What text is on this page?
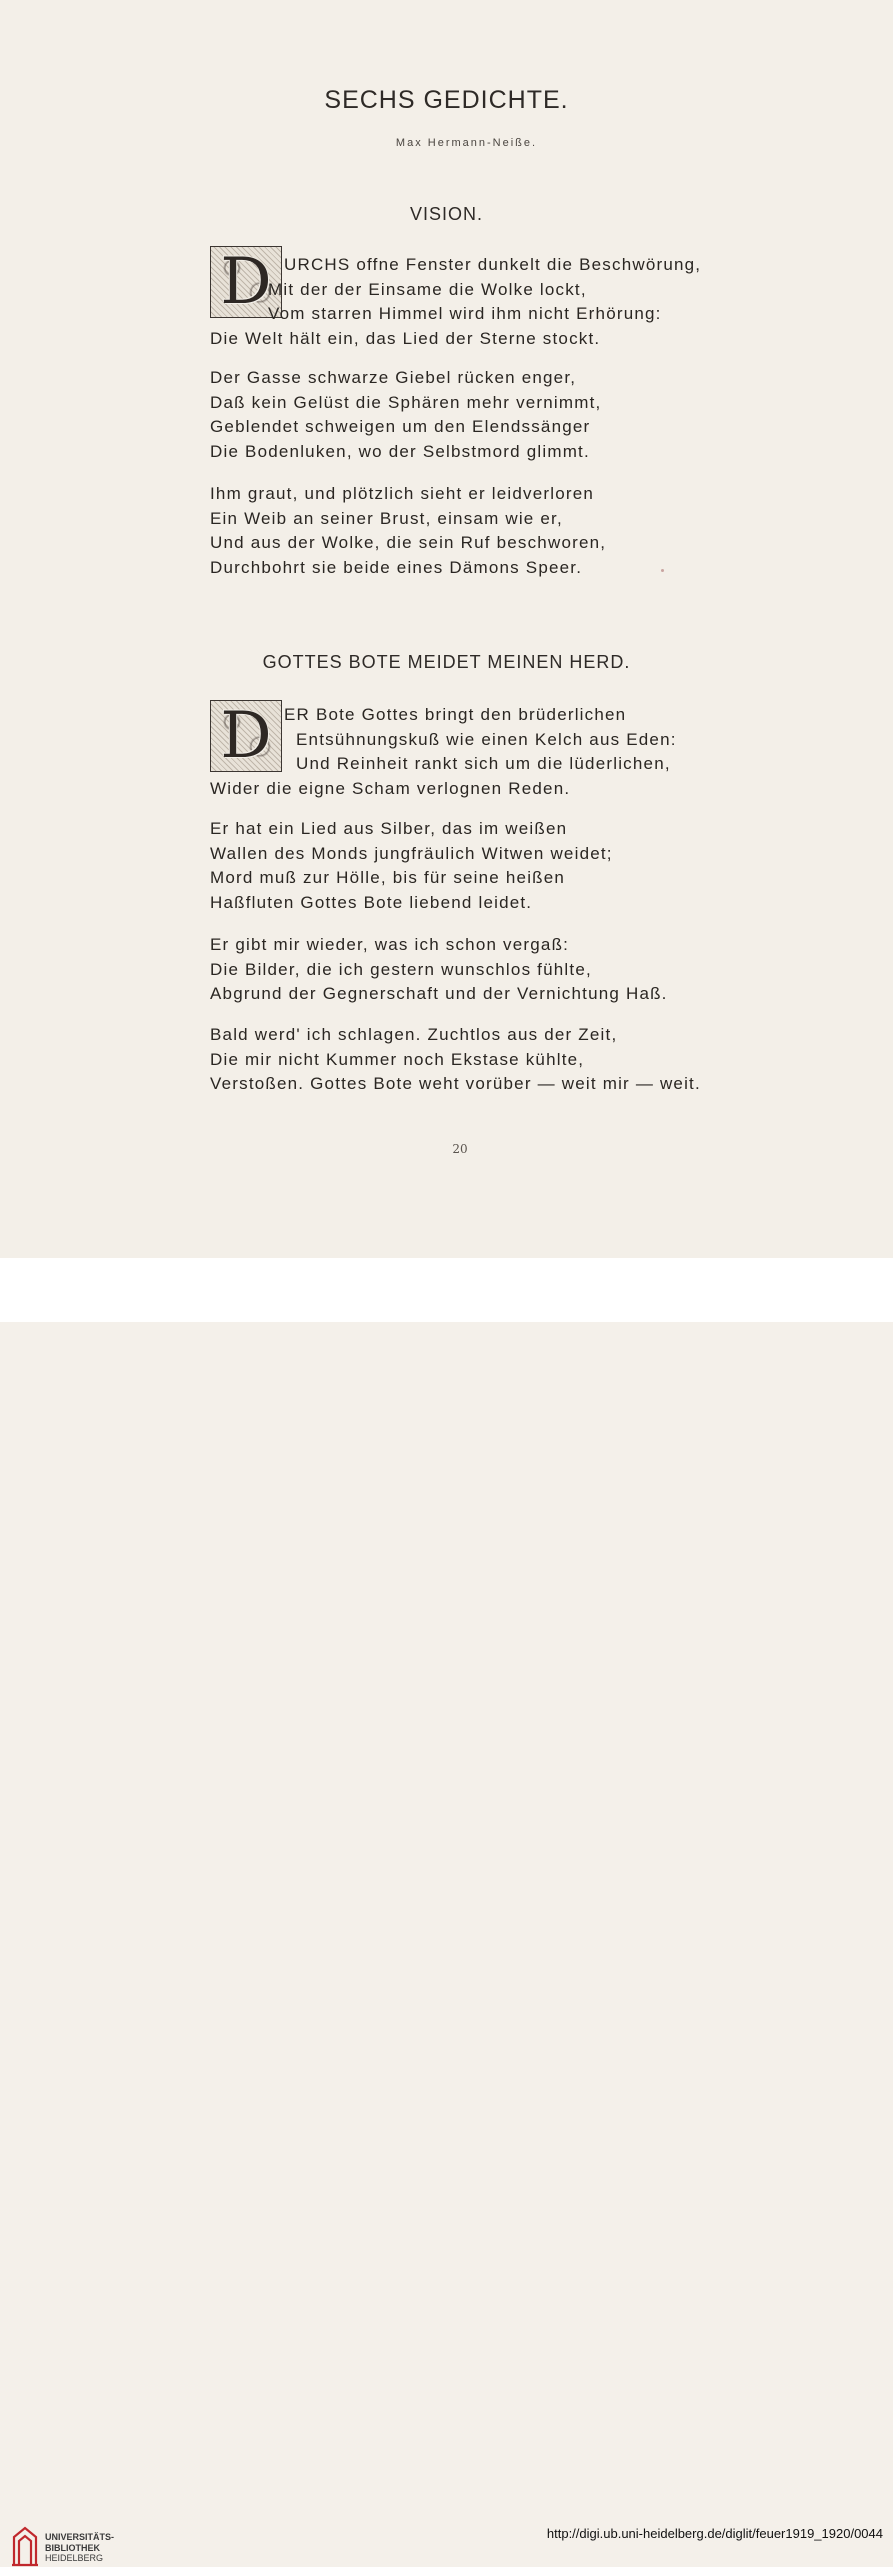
SECHS GEDICHTE.
Max Hermann-Neiße.
VISION.
D URCHS offne Fenster dunkelt die Beschwörung,
Mit der der Einsame die Wolke lockt,
Vom starren Himmel wird ihm nicht Erhörung:
Die Welt hält ein, das Lied der Sterne stockt.
Der Gasse schwarze Giebel rücken enger,
Daß kein Gelüst die Sphären mehr vernimmt,
Geblendet schweigen um den Elendssänger
Die Bodenluken, wo der Selbstmord glimmt.
Ihm graut, und plötzlich sieht er leidverloren
Ein Weib an seiner Brust, einsam wie er,
Und aus der Wolke, die sein Ruf beschworen,
Durchbohrt sie beide eines Dämons Speer.
GOTTES BOTE MEIDET MEINEN HERD.
D ER Bote Gottes bringt den brüderlichen
Entsühnungskuß wie einen Kelch aus Eden:
Und Reinheit rankt sich um die lüderlichen,
Wider die eigne Scham verlognen Reden.
Er hat ein Lied aus Silber, das im weißen
Wallen des Monds jungfräulich Witwen weidet;
Mord muß zur Hölle, bis für seine heißen
Haßfluten Gottes Bote liebend leidet.
Er gibt mir wieder, was ich schon vergaß:
Die Bilder, die ich gestern wunschlos fühlte,
Abgrund der Gegnerschaft und der Vernichtung Haß.
Bald werd' ich schlagen. Zuchtlos aus der Zeit,
Die mir nicht Kummer noch Ekstase kühlte,
Verstoßen. Gottes Bote weht vorüber — weit mir — weit.
20
UNIVERSITÄTS-
BIBLIOTHEK
HEIDELBERG
http://digi.ub.uni-heidelberg.de/diglit/feuer1919_1920/0044
